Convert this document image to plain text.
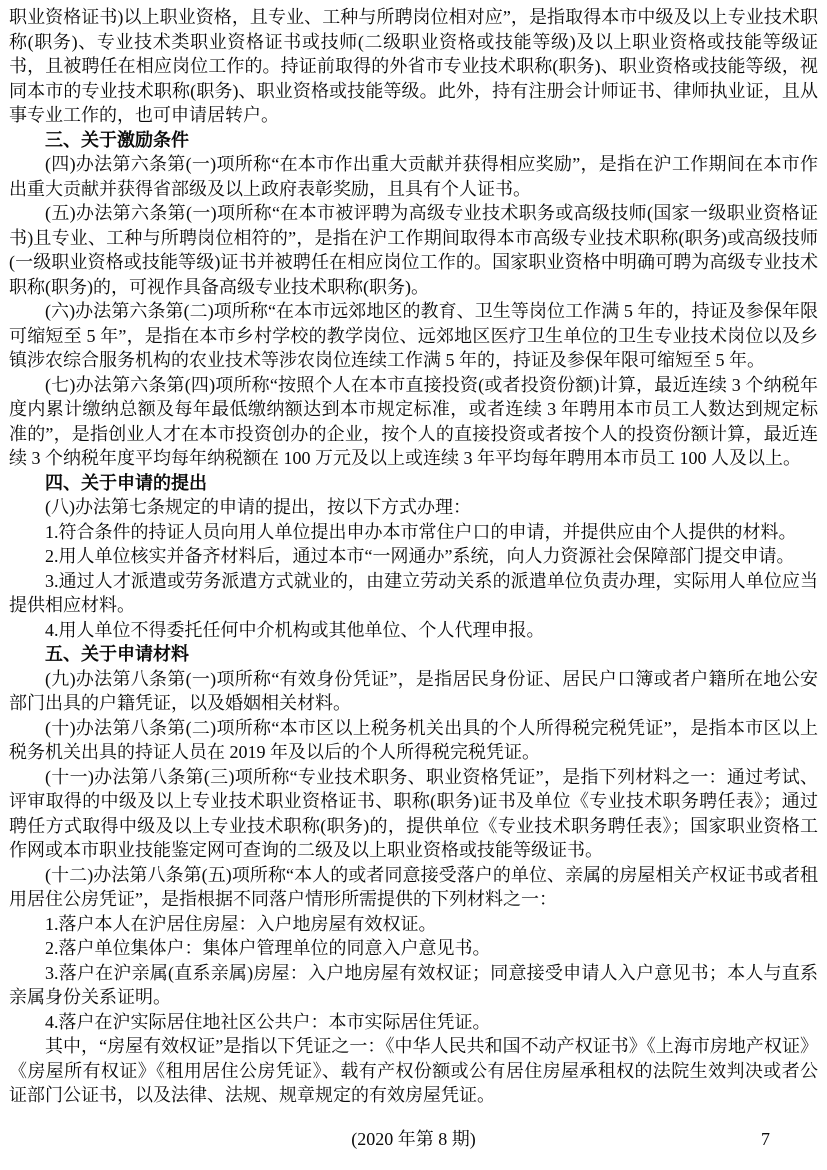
职业资格证书)以上职业资格，且专业、工种与所聘岗位相对应”，是指取得本市中级及以上专业技术职称(职务)、专业技术类职业资格证书或技师(二级职业资格或技能等级)及以上职业资格或技能等级证书，且被聘任在相应岗位工作的。持证前取得的外省市专业技术职称(职务)、职业资格或技能等级，视同本市的专业技术职称(职务)、职业资格或技能等级。此外，持有注册会计师证书、律师执业证，且从事专业工作的，也可申请居转户。

三、关于激励条件

(四)办法第六条第(一)项所称“在本市作出重大贡献并获得相应奖励”，是指在沪工作期间在本市作出重大贡献并获得省部级及以上政府表彰奖励，且具有个人证书。

(五)办法第六条第(一)项所称“在本市被评聘为高级专业技术职务或高级技师(国家一级职业资格证书)且专业、工种与所聘岗位相符的”，是指在沪工作期间取得本市高级专业技术职称(职务)或高级技师(一级职业资格或技能等级)证书并被聘任在相应岗位工作的。国家职业资格中明确可聘为高级专业技术职称(职务)的，可视作具备高级专业技术职称(职务)。

(六)办法第六条第(二)项所称“在本市远郊地区的教育、卫生等岗位工作满 5 年的，持证及参保年限可缩短至 5 年”，是指在本市乡村学校的教学岗位、远郊地区医疗卫生单位的卫生专业技术岗位以及乡镇涉农综合服务机构的农业技术等涉农岗位连续工作满 5 年的，持证及参保年限可缩短至 5 年。

(七)办法第六条第(四)项所称“按照个人在本市直接投资(或者投资份额)计算，最近连续 3 个纳税年度内累计缴纳总额及每年最低缴纳额达到本市规定标准，或者连续 3 年聘用本市员工人数达到规定标准的”，是指创业人才在本市投资创办的企业，按个人的直接投资或者按个人的投资份额计算，最近连续 3 个纳税年度平均每年纳税额在 100 万元及以上或连续 3 年平均每年聘用本市员工 100 人及以上。

四、关于申请的提出

(八)办法第七条规定的申请的提出，按以下方式办理：

1.符合条件的持证人员向用人单位提出申办本市常住户口的申请，并提供应由个人提供的材料。

2.用人单位核实并备齐材料后，通过本市“一网通办”系统，向人力资源社会保障部门提交申请。

3.通过人才派遣或劳务派遣方式就业的，由建立劳动关系的派遣单位负责办理，实际用人单位应当提供相应材料。

4.用人单位不得委托任何中介机构或其他单位、个人代理申报。

五、关于申请材料

(九)办法第八条第(一)项所称“有效身份凭证”，是指居民身份证、居民户口簿或者户籍所在地公安部门出具的户籍凭证，以及婚姻相关材料。

(十)办法第八条第(二)项所称“本市区以上税务机关出具的个人所得税完税凭证”，是指本市区以上税务机关出具的持证人员在 2019 年及以后的个人所得税完税凭证。

(十一)办法第八条第(三)项所称“专业技术职务、职业资格凭证”，是指下列材料之一：通过考试、评审取得的中级及以上专业技术职业资格证书、职称(职务)证书及单位《专业技术职务聘任表》；通过聘任方式取得中级及以上专业技术职称(职务)的，提供单位《专业技术职务聘任表》；国家职业资格工作网或本市职业技能鉴定网可查询的二级及以上职业资格或技能等级证书。

(十二)办法第八条第(五)项所称“本人的或者同意接受落户的单位、亲属的房屋相关产权证书或者租用居住公房凭证”，是指根据不同落户情形所需提供的下列材料之一：

1.落户本人在沪居住房屋：入户地房屋有效权证。

2.落户单位集体户：集体户管理单位的同意入户意见书。

3.落户在沪亲属(直系亲属)房屋：入户地房屋有效权证；同意接受申请人入户意见书；本人与直系亲属身份关系证明。

4.落户在沪实际居住地社区公共户：本市实际居住凭证。

其中，“房屋有效权证”是指以下凭证之一：《中华人民共和国不动产权证书》《上海市房地产权证》《房屋所有权证》《租用居住公房凭证》、载有产权份额或公有居住房屋承租权的法院生效判决或者公证部门公证书，以及法律、法规、规章规定的有效房屋凭证。

(2020 年第 8 期)	7
